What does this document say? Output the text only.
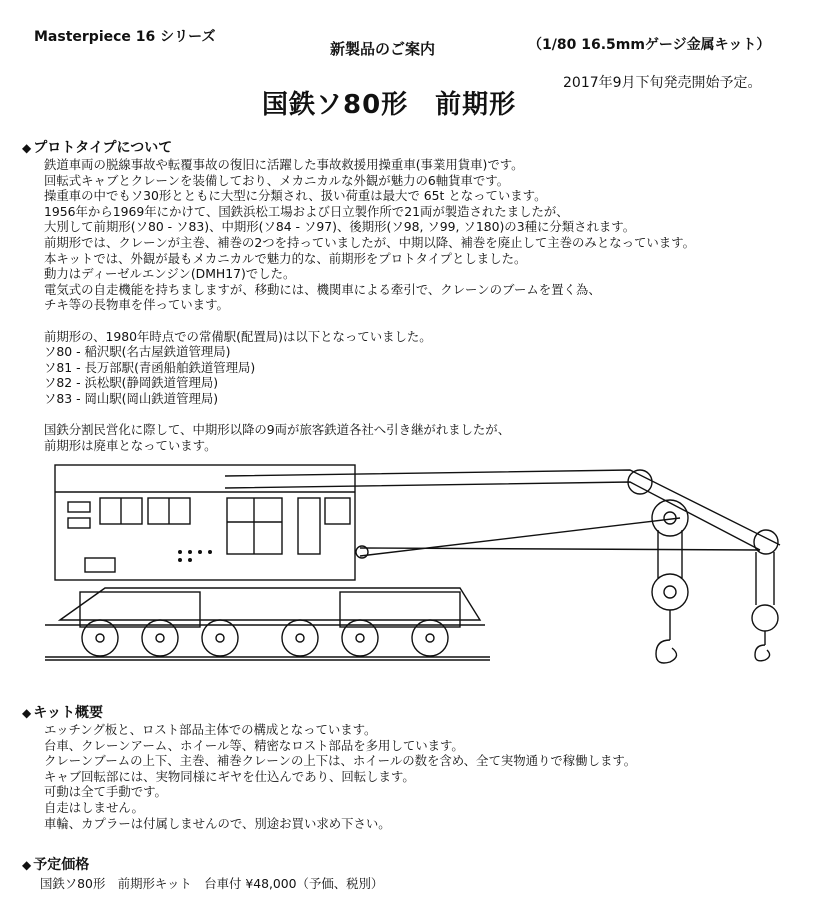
Masterpiece 16 シリーズ
新製品のご案内	（1/80 16.5mmゲージ金属キット）
2017年9月下旬発売開始予定。
国鉄ソ80形　前期形
◆ プロトタイプについて
鉄道車両の脱線事故や転覆事故の復旧に活躍した事故救援用操重車(事業用貨車)です。
回転式キャブとクレーンを装備しており、メカニカルな外観が魅力の6軸貨車です。
操重車の中でもソ30形とともに大型に分類され、扱い荷重は最大で 65t となっています。
1956年から1969年にかけて、国鉄浜松工場および日立製作所で21両が製造されたましたが、
大別して前期形(ソ80 - ソ83)、中期形(ソ84 - ソ97)、後期形(ソ98, ソ99, ソ180)の3種に分類されます。
前期形では、クレーンが主巻、補巻の2つを持っていましたが、中期以降、補巻を廃止して主巻のみとなっています。
本キットでは、外観が最もメカニカルで魅力的な、前期形をプロトタイプとしました。
動力はディーゼルエンジン(DMH17)でした。
電気式の自走機能を持ちましますが、移動には、機関車による牽引で、クレーンのブームを置く為、
チキ等の長物車を伴っています。
前期形の、1980年時点での常備駅(配置局)は以下となっていました。
ソ80 - 稲沢駅(名古屋鉄道管理局)
ソ81 - 長万部駅(青函船舶鉄道管理局)
ソ82 - 浜松駅(静岡鉄道管理局)
ソ83 - 岡山駅(岡山鉄道管理局)
国鉄分割民営化に際して、中期形以降の9両が旅客鉄道各社へ引き継がれましたが、
前期形は廃車となっています。
◆ キット概要
エッチング板と、ロスト部品主体での構成となっています。
台車、クレーンアーム、ホイール等、精密なロスト部品を多用しています。
クレーンブームの上下、主巻、補巻クレーンの上下は、ホイールの数を含め、全て実物通りで稼働します。
キャブ回転部には、実物同様にギヤを仕込んであり、回転します。
可動は全て手動です。
自走はしません。
車輪、カプラーは付属しませんので、別途お買い求め下さい。
◆ 予定価格
国鉄ソ80形　前期形キット　台車付 ¥48,000（予価、税別）
